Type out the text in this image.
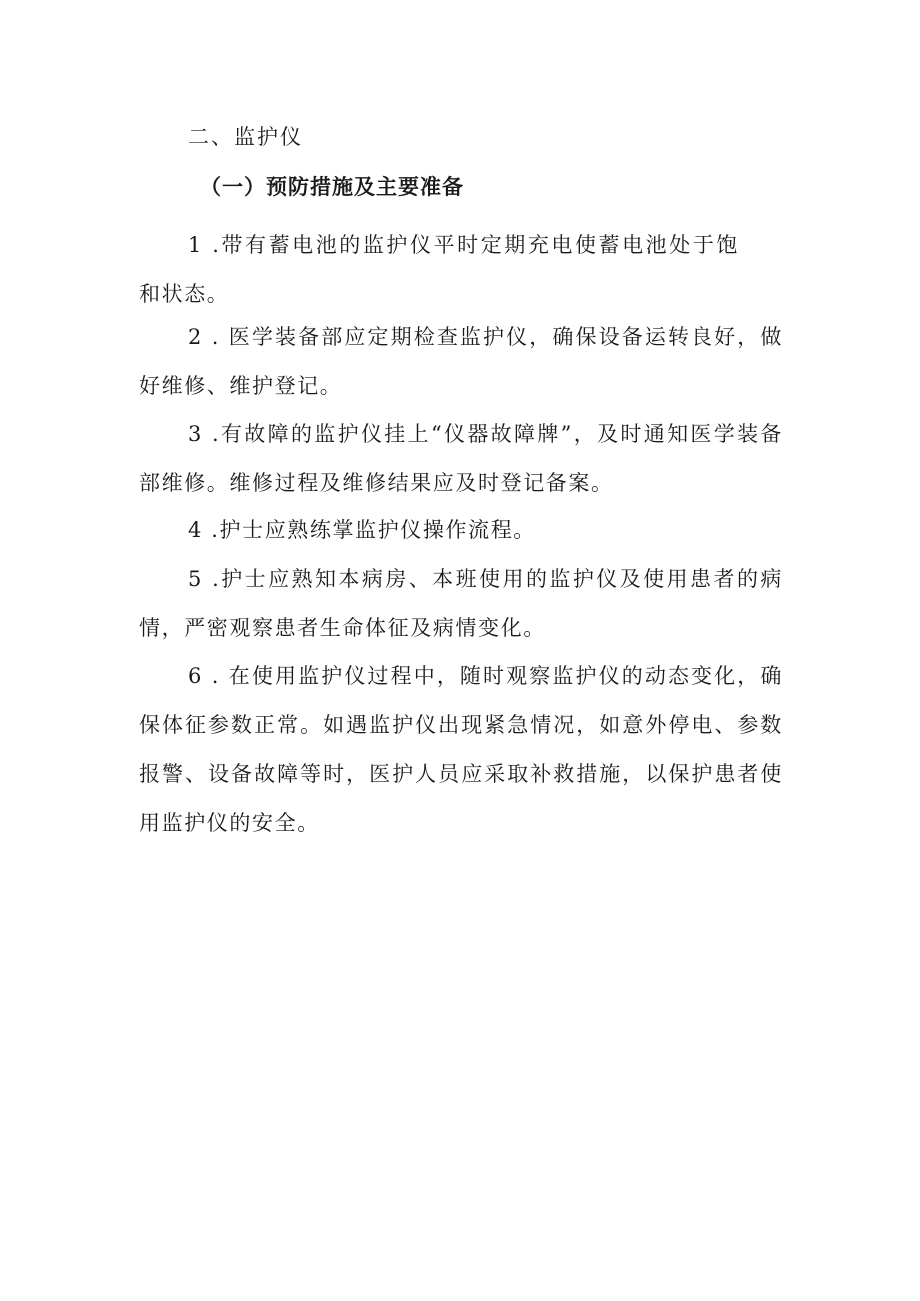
二、监护仪
（一）预防措施及主要准备

1 .带有蓄电池的监护仪平时定期充电使蓄电池处于饱和状态。

2 . 医学装备部应定期检查监护仪，确保设备运转良好，做好维修、维护登记。

3 .有故障的监护仪挂上“仪器故障牌”，及时通知医学装备部维修。维修过程及维修结果应及时登记备案。

4 .护士应熟练掌监护仪操作流程。

5 .护士应熟知本病房、本班使用的监护仪及使用患者的病情，严密观察患者生命体征及病情变化。

6 . 在使用监护仪过程中，随时观察监护仪的动态变化，确保体征参数正常。如遇监护仪出现紧急情况，如意外停电、参数报警、设备故障等时，医护人员应采取补救措施，以保护患者使用监护仪的安全。
